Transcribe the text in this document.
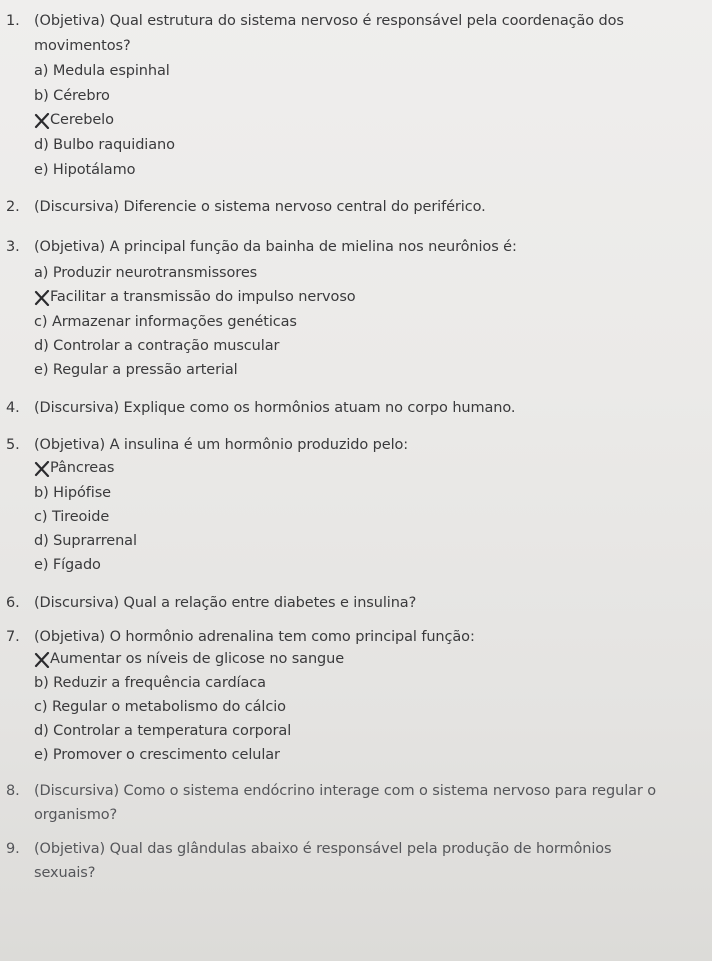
1. (Objetiva) Qual estrutura do sistema nervoso é responsável pela coordenação dos
movimentos?
a) Medula espinhal
b) Cérebro
Cerebelo
d) Bulbo raquidiano
e) Hipotálamo
2. (Discursiva) Diferencie o sistema nervoso central do periférico.
3. (Objetiva) A principal função da bainha de mielina nos neurônios é:
a) Produzir neurotransmissores
Facilitar a transmissão do impulso nervoso
c) Armazenar informações genéticas
d) Controlar a contração muscular
e) Regular a pressão arterial
4. (Discursiva) Explique como os hormônios atuam no corpo humano.
5. (Objetiva) A insulina é um hormônio produzido pelo:
Pâncreas
b) Hipófise
c) Tireoide
d) Suprarrenal
e) Fígado
6. (Discursiva) Qual a relação entre diabetes e insulina?
7. (Objetiva) O hormônio adrenalina tem como principal função:
Aumentar os níveis de glicose no sangue
b) Reduzir a frequência cardíaca
c) Regular o metabolismo do cálcio
d) Controlar a temperatura corporal
e) Promover o crescimento celular
8. (Discursiva) Como o sistema endócrino interage com o sistema nervoso para regular o
organismo?
9. (Objetiva) Qual das glândulas abaixo é responsável pela produção de hormônios
sexuais?
